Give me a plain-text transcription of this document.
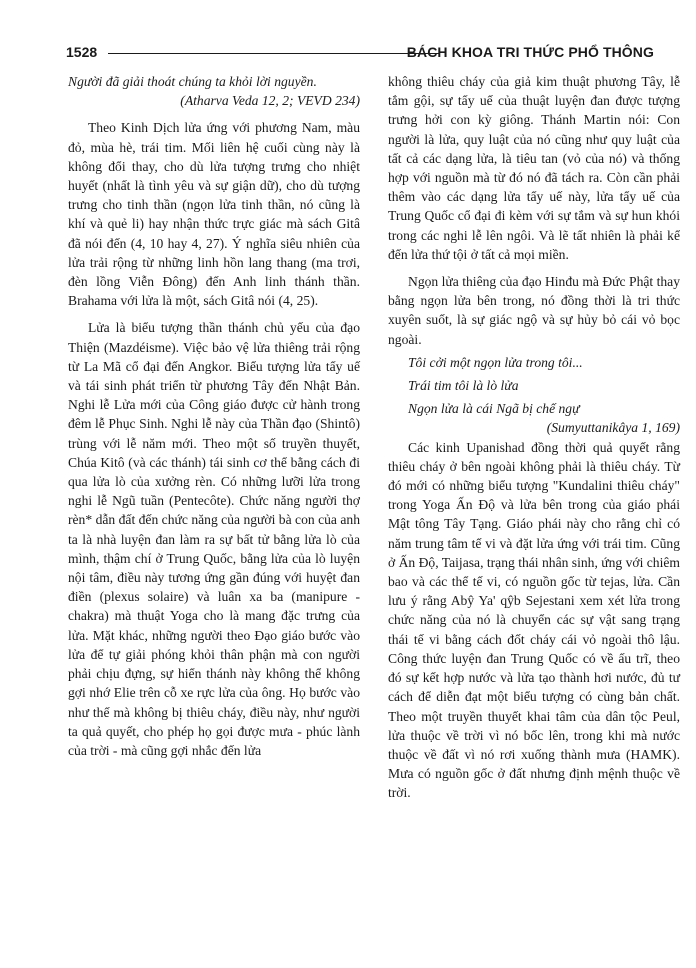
1528	BÁCH KHOA TRI THỨC PHỔ THÔNG

Người đã giải thoát chúng ta khỏi lời nguyền.

(Atharva Veda 12, 2; VEVD 234)

Theo Kinh Dịch lửa ứng với phương Nam, màu đỏ, mùa hè, trái tim. Mối liên hệ cuối cùng này là không đổi thay, cho dù lửa tượng trưng cho nhiệt huyết (nhất là tình yêu và sự giận dữ), cho dù tượng trưng cho tinh thần (ngọn lửa tinh thần, nó cũng là khí và quẻ li) hay nhận thức trực giác mà sách Gitâ đã nói đến (4, 10 hay 4, 27). Ý nghĩa siêu nhiên của lửa trải rộng từ những linh hồn lang thang (ma trơi, đèn lồng Viễn Đông) đến Anh linh thánh thần. Brahama với lửa là một, sách Gitâ nói (4, 25).

Lửa là biểu tượng thần thánh chủ yếu của đạo Thiện (Mazdéisme). Việc bảo vệ lửa thiêng trải rộng từ La Mã cổ đại đến Angkor. Biểu tượng lửa tẩy uế và tái sinh phát triển từ phương Tây đến Nhật Bản. Nghi lễ Lửa mới của Công giáo được cử hành trong đêm lễ Phục Sinh. Nghi lễ này của Thần đạo (Shintô) trùng với lễ năm mới. Theo một số truyền thuyết, Chúa Kitô (và các thánh) tái sinh cơ thể bằng cách đi qua lửa lò của xưởng rèn. Có những lưỡi lửa trong nghi lễ Ngũ tuần (Pentecôte). Chức năng người thợ rèn* dẫn đất đến chức năng của người bà con của anh ta là nhà luyện đan làm ra sự bất tử bằng lửa lò của mình, thậm chí ở Trung Quốc, bằng lửa của lò luyện nội tâm, điều này tương ứng gần đúng với huyệt đan điền (plexus solaire) và luân xa ba (manipure - chakra) mà thuật Yoga cho là mang đặc trưng của lửa. Mặt khác, những người theo Đạo giáo bước vào lửa để tự giải phóng khỏi thân phận mà con người phải chịu đựng, sự hiển thánh này không thể không gợi nhớ Elie trên cỗ xe rực lửa của ông. Họ bước vào như thế mà không bị thiêu cháy, điều này, như người ta quả quyết, cho phép họ gọi được mưa - phúc lành của trời - mà cũng gợi nhắc đến lửa

không thiêu cháy của giả kim thuật phương Tây, lễ tắm gội, sự tẩy uế của thuật luyện đan được tượng trưng hởi con kỳ giông. Thánh Martin nói: Con người là lửa, quy luật của nó cũng như quy luật của tất cả các dạng lửa, là tiêu tan (vỏ của nó) và thống hợp với nguồn mà từ đó nó đã tách ra. Còn cần phải thêm vào các dạng lửa tẩy uế này, lửa tẩy uế của Trung Quốc cổ đại đi kèm với sự tắm và sự hun khói trong các nghi lễ lên ngôi. Và lẽ tất nhiên là phải kể đến lửa thứ tội ở tất cả mọi miền.

Ngọn lửa thiêng của đạo Hinđu mà Đức Phật thay bằng ngọn lửa bên trong, nó đồng thời là tri thức xuyên suốt, là sự giác ngộ và sự hủy bỏ cái vỏ bọc ngoài.

Tôi cởi một ngọn lửa trong tôi...
Trái tim tôi là lò lửa
Ngọn lửa là cái Ngã bị chế ngự

(Sumyuttanikâya 1, 169)

Các kinh Upanishad đồng thời quả quyết rằng thiêu cháy ở bên ngoài không phải là thiêu cháy. Từ đó mới có những biểu tượng "Kundalini thiêu cháy" trong Yoga Ấn Độ và lửa bên trong của giáo phái Mật tông Tây Tạng. Giáo phái này cho rằng chỉ có năm trung tâm tế vi và đặt lửa ứng với trái tim. Cũng ở Ấn Độ, Taijasa, trạng thái nhân sinh, ứng với chiêm bao và các thể tế vi, có nguồn gốc từ tejas, lửa. Cần lưu ý rằng Abŷ Ya' qŷb Sejestani xem xét lửa trong chức năng của nó là chuyển các sự vật sang trạng thái tế vi bằng cách đốt cháy cái vỏ ngoài thô lậu. Công thức luyện đan Trung Quốc có về ấu trĩ, theo đó sự kết hợp nước và lửa tạo thành hơi nước, đủ tư cách để diễn đạt một biểu tượng có cùng bản chất. Theo một truyền thuyết khai tâm của dân tộc Peul, lửa thuộc về trời vì nó bốc lên, trong khi mà nước thuộc về đất vì nó rơi xuống thành mưa (HAMK). Mưa có nguồn gốc ở đất nhưng định mệnh thuộc về trời.
